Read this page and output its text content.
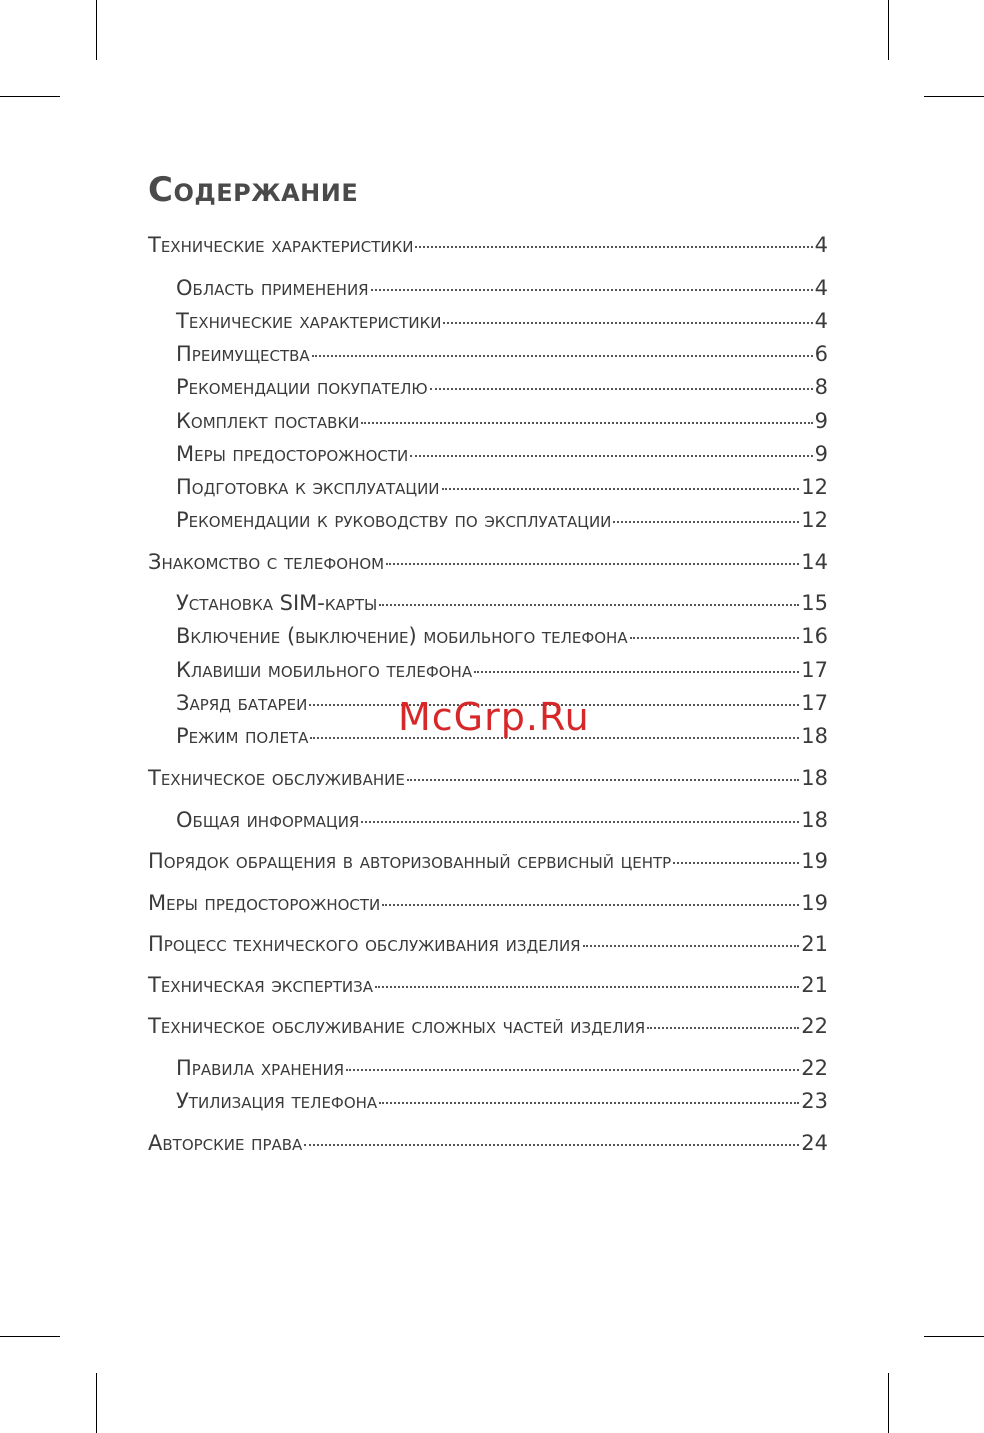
Содержание
Технические характеристики	4
Область применения	4
Технические характеристики	4
Преимущества	6
Рекомендации покупателю	8
Комплект поставки	9
Меры предосторожности	9
Подготовка к эксплуатации	12
Рекомендации к руководству по эксплуатации	12
Знакомство с телефоном	14
Установка SIM-карты	15
Включение (выключение) мобильного телефона	16
Клавиши мобильного телефона	17
Заряд батареи	17
Режим полета	18
Техническое обслуживание	18
Общая информация	18
Порядок обращения в авторизованный сервисный центр	19
Меры предосторожности	19
Процесс технического обслуживания изделия	21
Техническая экспертиза	21
Техническое обслуживание сложных частей изделия	22
Правила хранения	22
Утилизация телефона	23
Авторские права	24
McGrp.Ru
